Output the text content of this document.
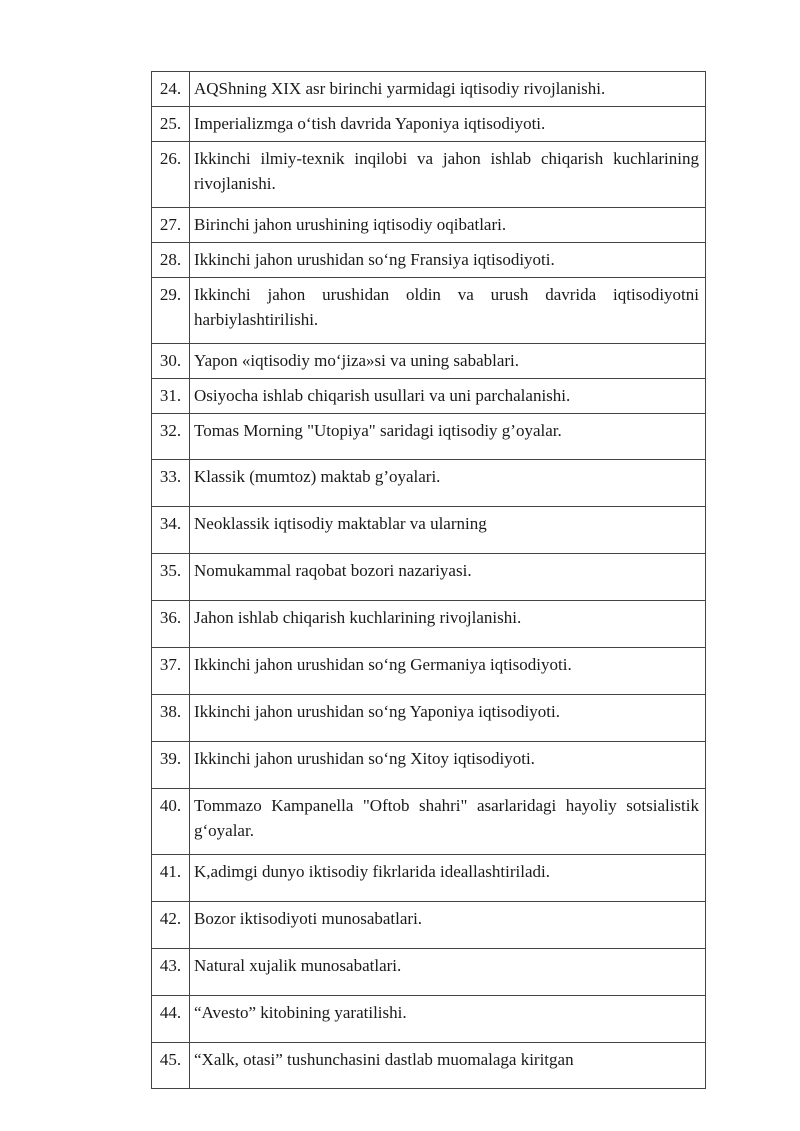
24.	AQShning XIX asr birinchi yarmidagi iqtisodiy rivojlanishi.
25.	Imperializmga o‘tish davrida Yaponiya iqtisodiyoti.
26.	Ikkinchi ilmiy-texnik inqilobi va jahon ishlab chiqarish kuchlarining rivojlanishi.
27.	Birinchi jahon urushining iqtisodiy oqibatlari.
28.	Ikkinchi jahon urushidan so‘ng Fransiya iqtisodiyoti.
29.	Ikkinchi jahon urushidan oldin va urush davrida iqtisodiyotni harbiylashtirilishi.
30.	Yapon «iqtisodiy mo‘jiza»si va uning sabablari.
31.	Osiyocha ishlab chiqarish usullari va uni parchalanishi.
32.	Tomas Morning "Utopiya" saridagi iqtisodiy g’oyalar.
33.	Klassik (mumtoz) maktab g’oyalari.
34.	Neoklassik iqtisodiy maktablar va ularning
35.	Nomukammal raqobat bozori nazariyasi.
36.	Jahon ishlab chiqarish kuchlarining rivojlanishi.
37.	Ikkinchi jahon urushidan so‘ng Germaniya iqtisodiyoti.
38.	Ikkinchi jahon urushidan so‘ng Yaponiya iqtisodiyoti.
39.	Ikkinchi jahon urushidan so‘ng Xitoy iqtisodiyoti.
40.	Tommazo Kampanella "Oftob shahri" asarlaridagi hayoliy sotsialistik g‘oyalar.
41.	K,adimgi dunyo iktisodiy fikrlarida ideallashtiriladi.
42.	Bozor iktisodiyoti munosabatlari.
43.	Natural xujalik munosabatlari.
44.	“Avesto” kitobining yaratilishi.
45.	“Xalk, otasi” tushunchasini dastlab muomalaga kiritgan
